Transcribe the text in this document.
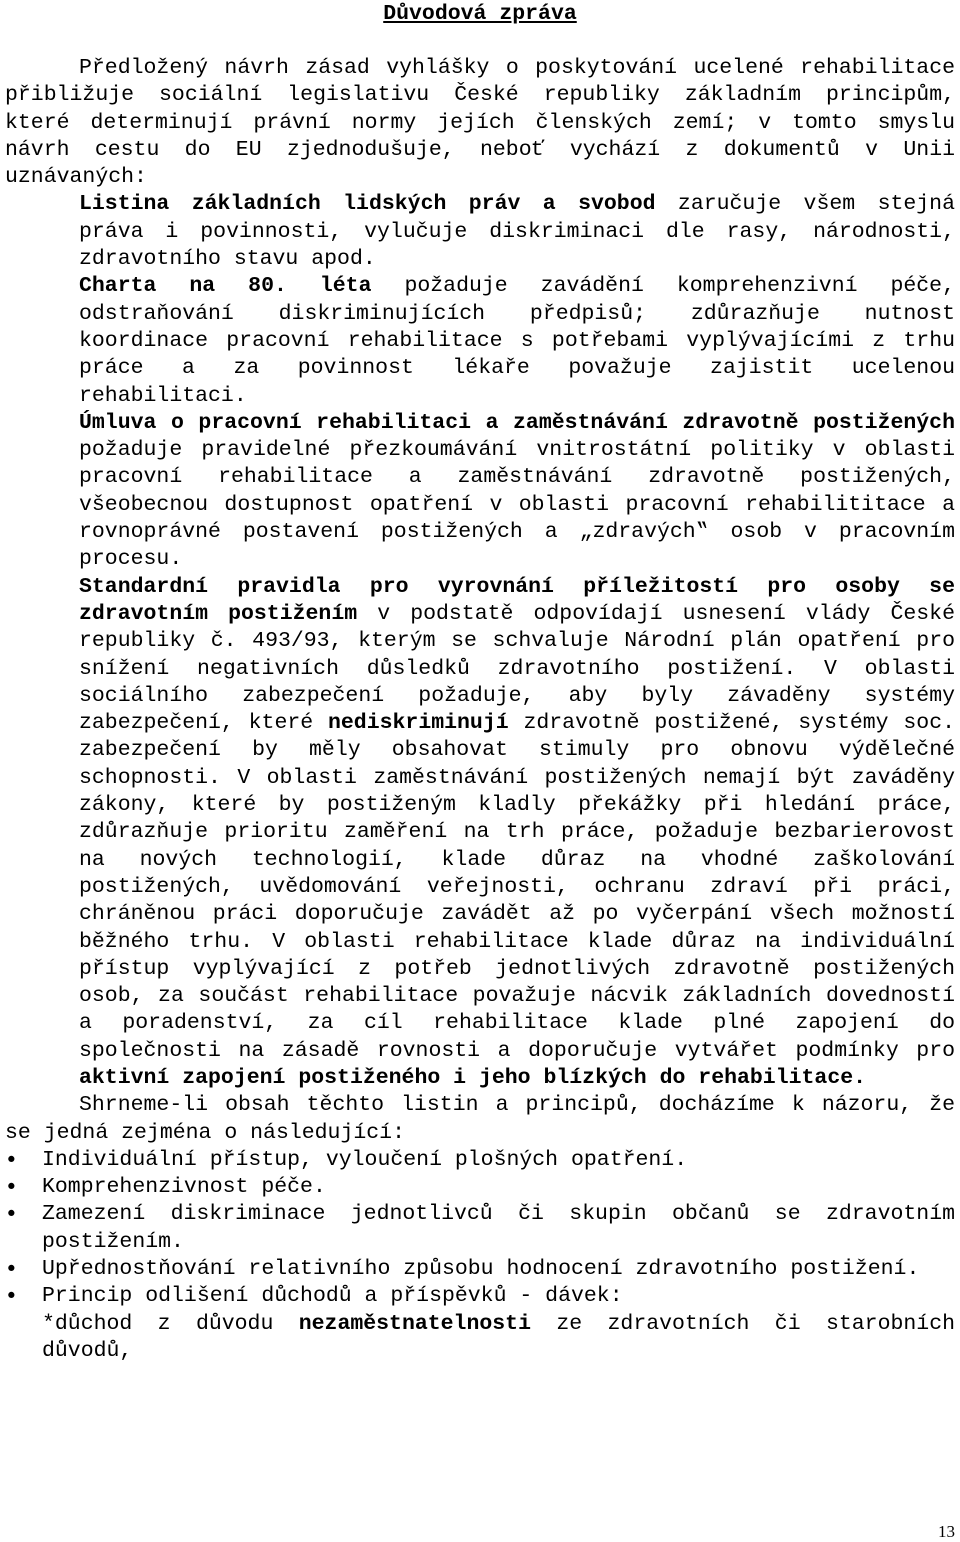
Důvodová zpráva

Předložený návrh zásad vyhlášky o poskytování ucelené rehabilitace přibližuje sociální legislativu České republiky základním principům, které determinují právní normy jejích členských zemí; v tomto smyslu návrh cestu do EU zjednodušuje, neboť vychází z dokumentů v Unii uznávaných:

Listina základních lidských práv a svobod zaručuje všem stejná práva i povinnosti, vylučuje diskriminaci dle rasy, národnosti, zdravotního stavu apod.

Charta na 80. léta požaduje zavádění komprehenzivní péče, odstraňování diskriminujících předpisů; zdůrazňuje nutnost koordinace pracovní rehabilitace s potřebami vyplývajícími z trhu práce a za povinnost lékaře považuje zajistit ucelenou rehabilitaci.

Úmluva o pracovní rehabilitaci a zaměstnávání zdravotně postižených požaduje pravidelné přezkoumávání vnitrostátní politiky v oblasti pracovní rehabilitace a zaměstnávání zdravotně postižených, všeobecnou dostupnost opatření v oblasti pracovní rehabilititace a rovnoprávné postavení postižených a „zdravých‟ osob v pracovním procesu.

Standardní pravidla pro vyrovnání příležitostí pro osoby se zdravotním postižením v podstatě odpovídají usnesení vlády České republiky č. 493/93, kterým se schvaluje Národní plán opatření pro snížení negativních důsledků zdravotního postižení. V oblasti sociálního zabezpečení požaduje, aby byly závaděny systémy zabezpečení, které nediskriminují zdravotně postižené, systémy soc. zabezpečení by měly obsahovat stimuly pro obnovu výdělečné schopnosti. V oblasti zaměstnávání postižených nemají být zaváděny zákony, které by postiženým kladly překážky při hledání práce, zdůrazňuje prioritu zaměření na trh práce, požaduje bezbarierovost na nových technologií, klade důraz na vhodné zaškolování postižených, uvědomování veřejnosti, ochranu zdraví při práci, chráněnou práci doporučuje zavádět až po vyčerpání všech možností běžného trhu. V oblasti rehabilitace klade důraz na individuální přístup vyplývající z potřeb jednotlivých zdravotně postižených osob, za součást rehabilitace považuje nácvik základních dovedností a poradenství, za cíl rehabilitace klade plné zapojení do společnosti na zásadě rovnosti a doporučuje vytvářet podmínky pro aktivní zapojení postiženého i jeho blízkých do rehabilitace.

Shrneme-li obsah těchto listin a principů, docházíme k názoru, že se jedná zejména o následující:

• Individuální přístup, vyloučení plošných opatření.
• Komprehenzivnost péče.
• Zamezení diskriminace jednotlivců či skupin občanů se zdravotním postižením.
• Upřednostňování relativního způsobu hodnocení zdravotního postižení.
• Princip odlišení důchodů a příspěvků - dávek:

*důchod z důvodu nezaměstnatelnosti ze zdravotních či starobních důvodů,

13
